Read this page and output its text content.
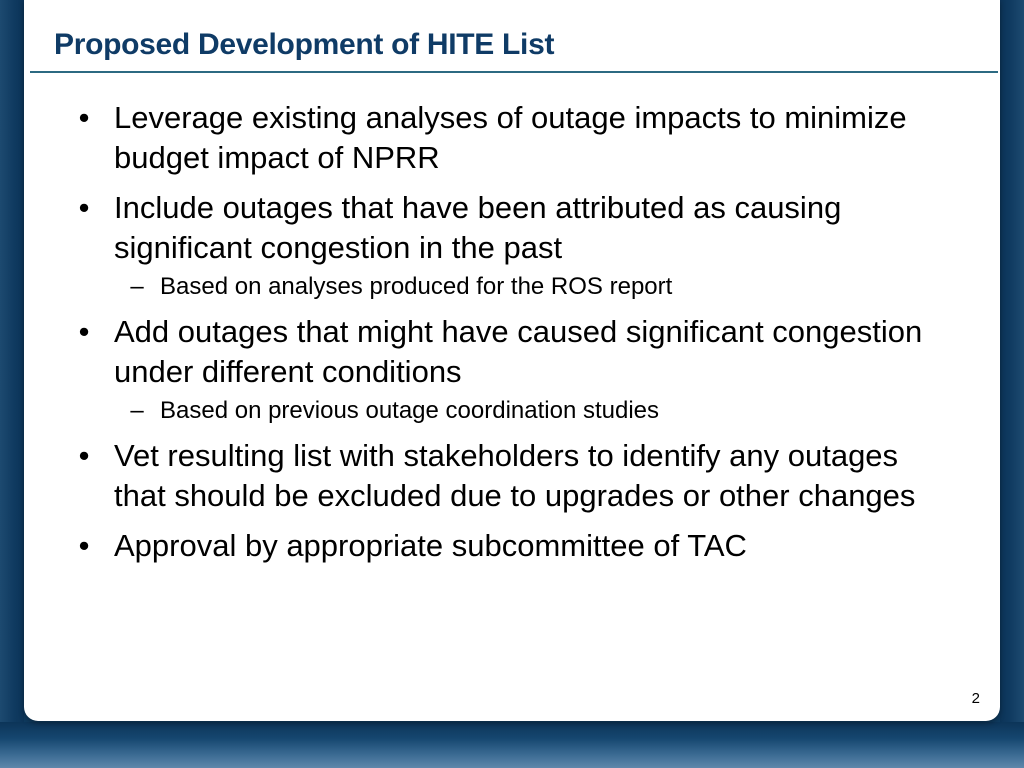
Proposed Development of HITE List
• Leverage existing analyses of outage impacts to minimize budget impact of NPRR
• Include outages that have been attributed as causing significant congestion in the past
– Based on analyses produced for the ROS report
• Add outages that might have caused significant congestion under different conditions
– Based on previous outage coordination studies
• Vet resulting list with stakeholders to identify any outages that should be excluded due to upgrades or other changes
• Approval by appropriate subcommittee of TAC
2
